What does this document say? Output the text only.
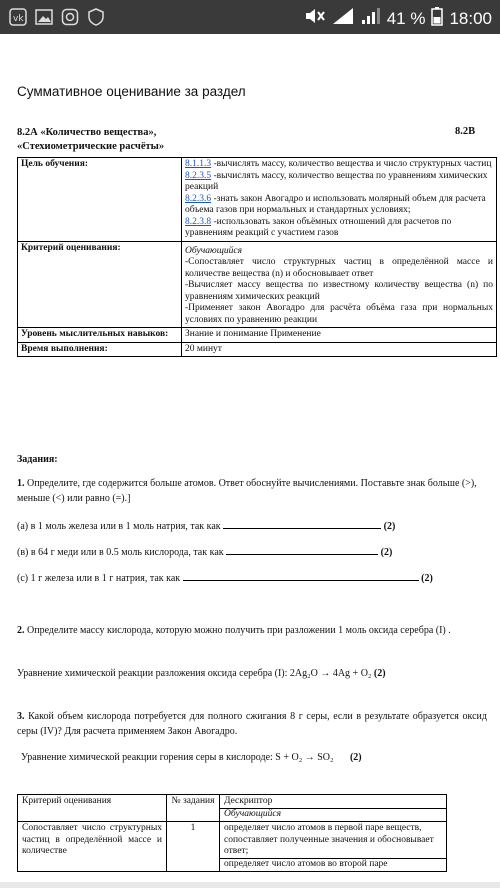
vk
4G	41 % 18:00
Суммативное оценивание за раздел
8.2А «Количество вещества»,
«Стехиометрические расчёты»
8.2В
Цель обучения:	8.1.1.3 -вычислять массу, количество вещества и число структурных частиц
8.2.3.5 -вычислять массу, количество вещества по уравнениям химических реакций
8.2.3.6 -знать закон Авогадро и использовать молярный объем для расчета объема газов при нормальных и стандартных условиях;
8.2.3.8 -использовать закон объёмных отношений для расчетов по уравнениям реакций с участием газов

Критерий оценивания:	Обучающийся
-Сопоставляет число структурных частиц в определённой массе и количестве вещества (n) и обосновывает ответ
-Вычисляет массу вещества по известному количеству вещества (n) по уравнениям химических реакций
-Применяет закон Авогадро для расчёта объёма газа при нормальных условиях по уравнению реакции

Уровень мыслительных навыков:	Знание и понимание Применение
Время выполнения:	20 минут
Задания:
1. Определите, где содержится больше атомов. Ответ обоснуйте вычислениями. Поставьте знак больше (>), меньше (<) или равно (=).]
(а) в 1 моль железа или в 1 моль натрия, так как	(2)
(в) в 64 г меди или в 0.5 моль кислорода, так как	(2)
(с) 1 г железа или в 1 г натрия, так как	(2)
2. Определите массу кислорода, которую можно получить при разложении 1 моль оксида серебра (I) .
Уравнение химической реакции разложения оксида серебра (I): 2Ag₂O → 4Ag + O₂ (2)
3. Какой объем кислорода потребуется для полного сжигания 8 г серы, если в результате образуется оксид серы (IV)? Для расчета применяем Закон Авогадро.
Уравнение химической реакции горения серы в кислороде: S + O₂ → SO₂ (2)
Критерий оценивания	№ задания	Дескриптор
Обучающийся

Сопоставляет число структурных частиц в определённой массе и количестве	1	определяет число атомов в первой паре веществ, сопоставляет полученные значения и обосновывает ответ;
определяет число атомов во второй паре
